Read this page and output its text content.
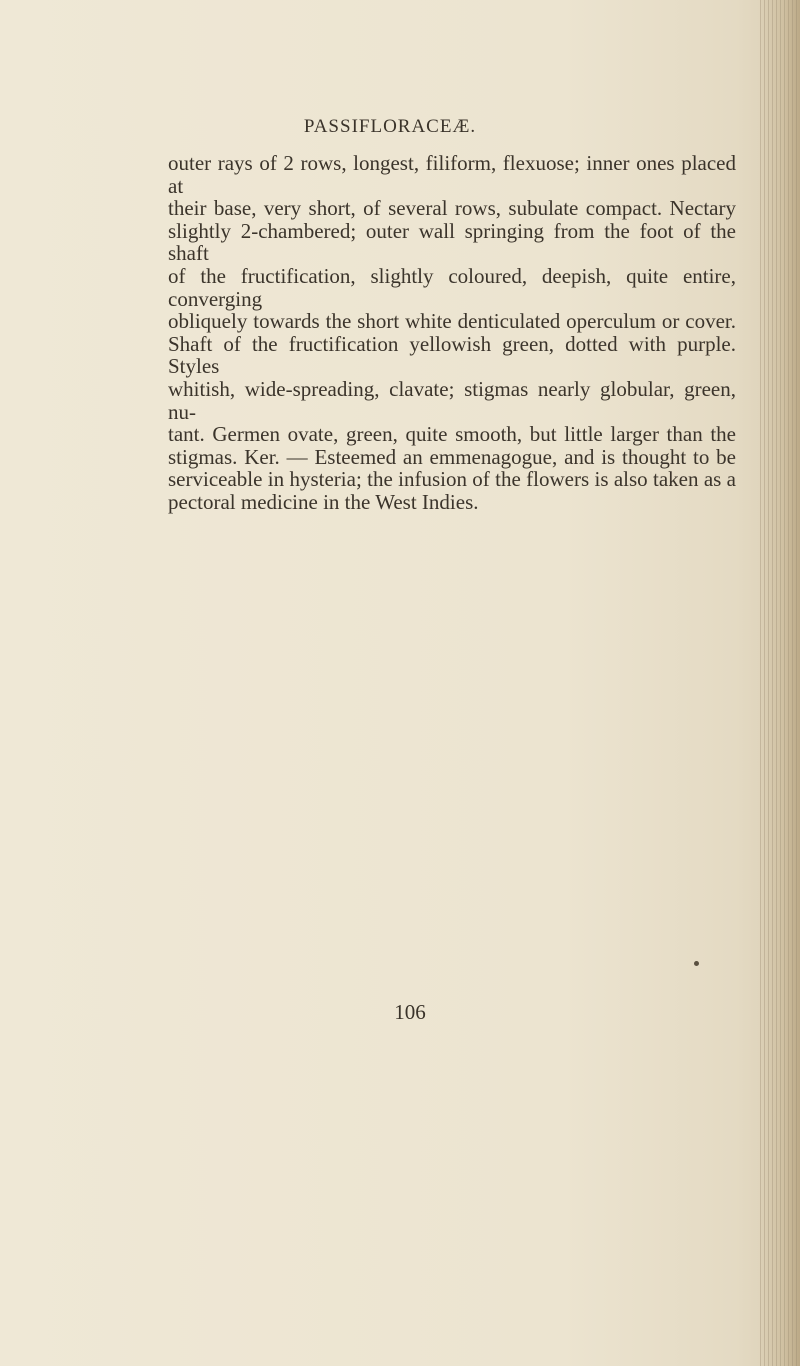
PASSIFLORACEÆ.
outer rays of 2 rows, longest, filiform, flexuose; inner ones placed at
their base, very short, of several rows, subulate compact. Nectary
slightly 2-chambered; outer wall springing from the foot of the shaft
of the fructification, slightly coloured, deepish, quite entire, converging
obliquely towards the short white denticulated operculum or cover.
Shaft of the fructification yellowish green, dotted with purple. Styles
whitish, wide-spreading, clavate; stigmas nearly globular, green, nu-
tant. Germen ovate, green, quite smooth, but little larger than the
stigmas. Ker. — Esteemed an emmenagogue, and is thought to be
serviceable in hysteria; the infusion of the flowers is also taken as a
pectoral medicine in the West Indies.
106
